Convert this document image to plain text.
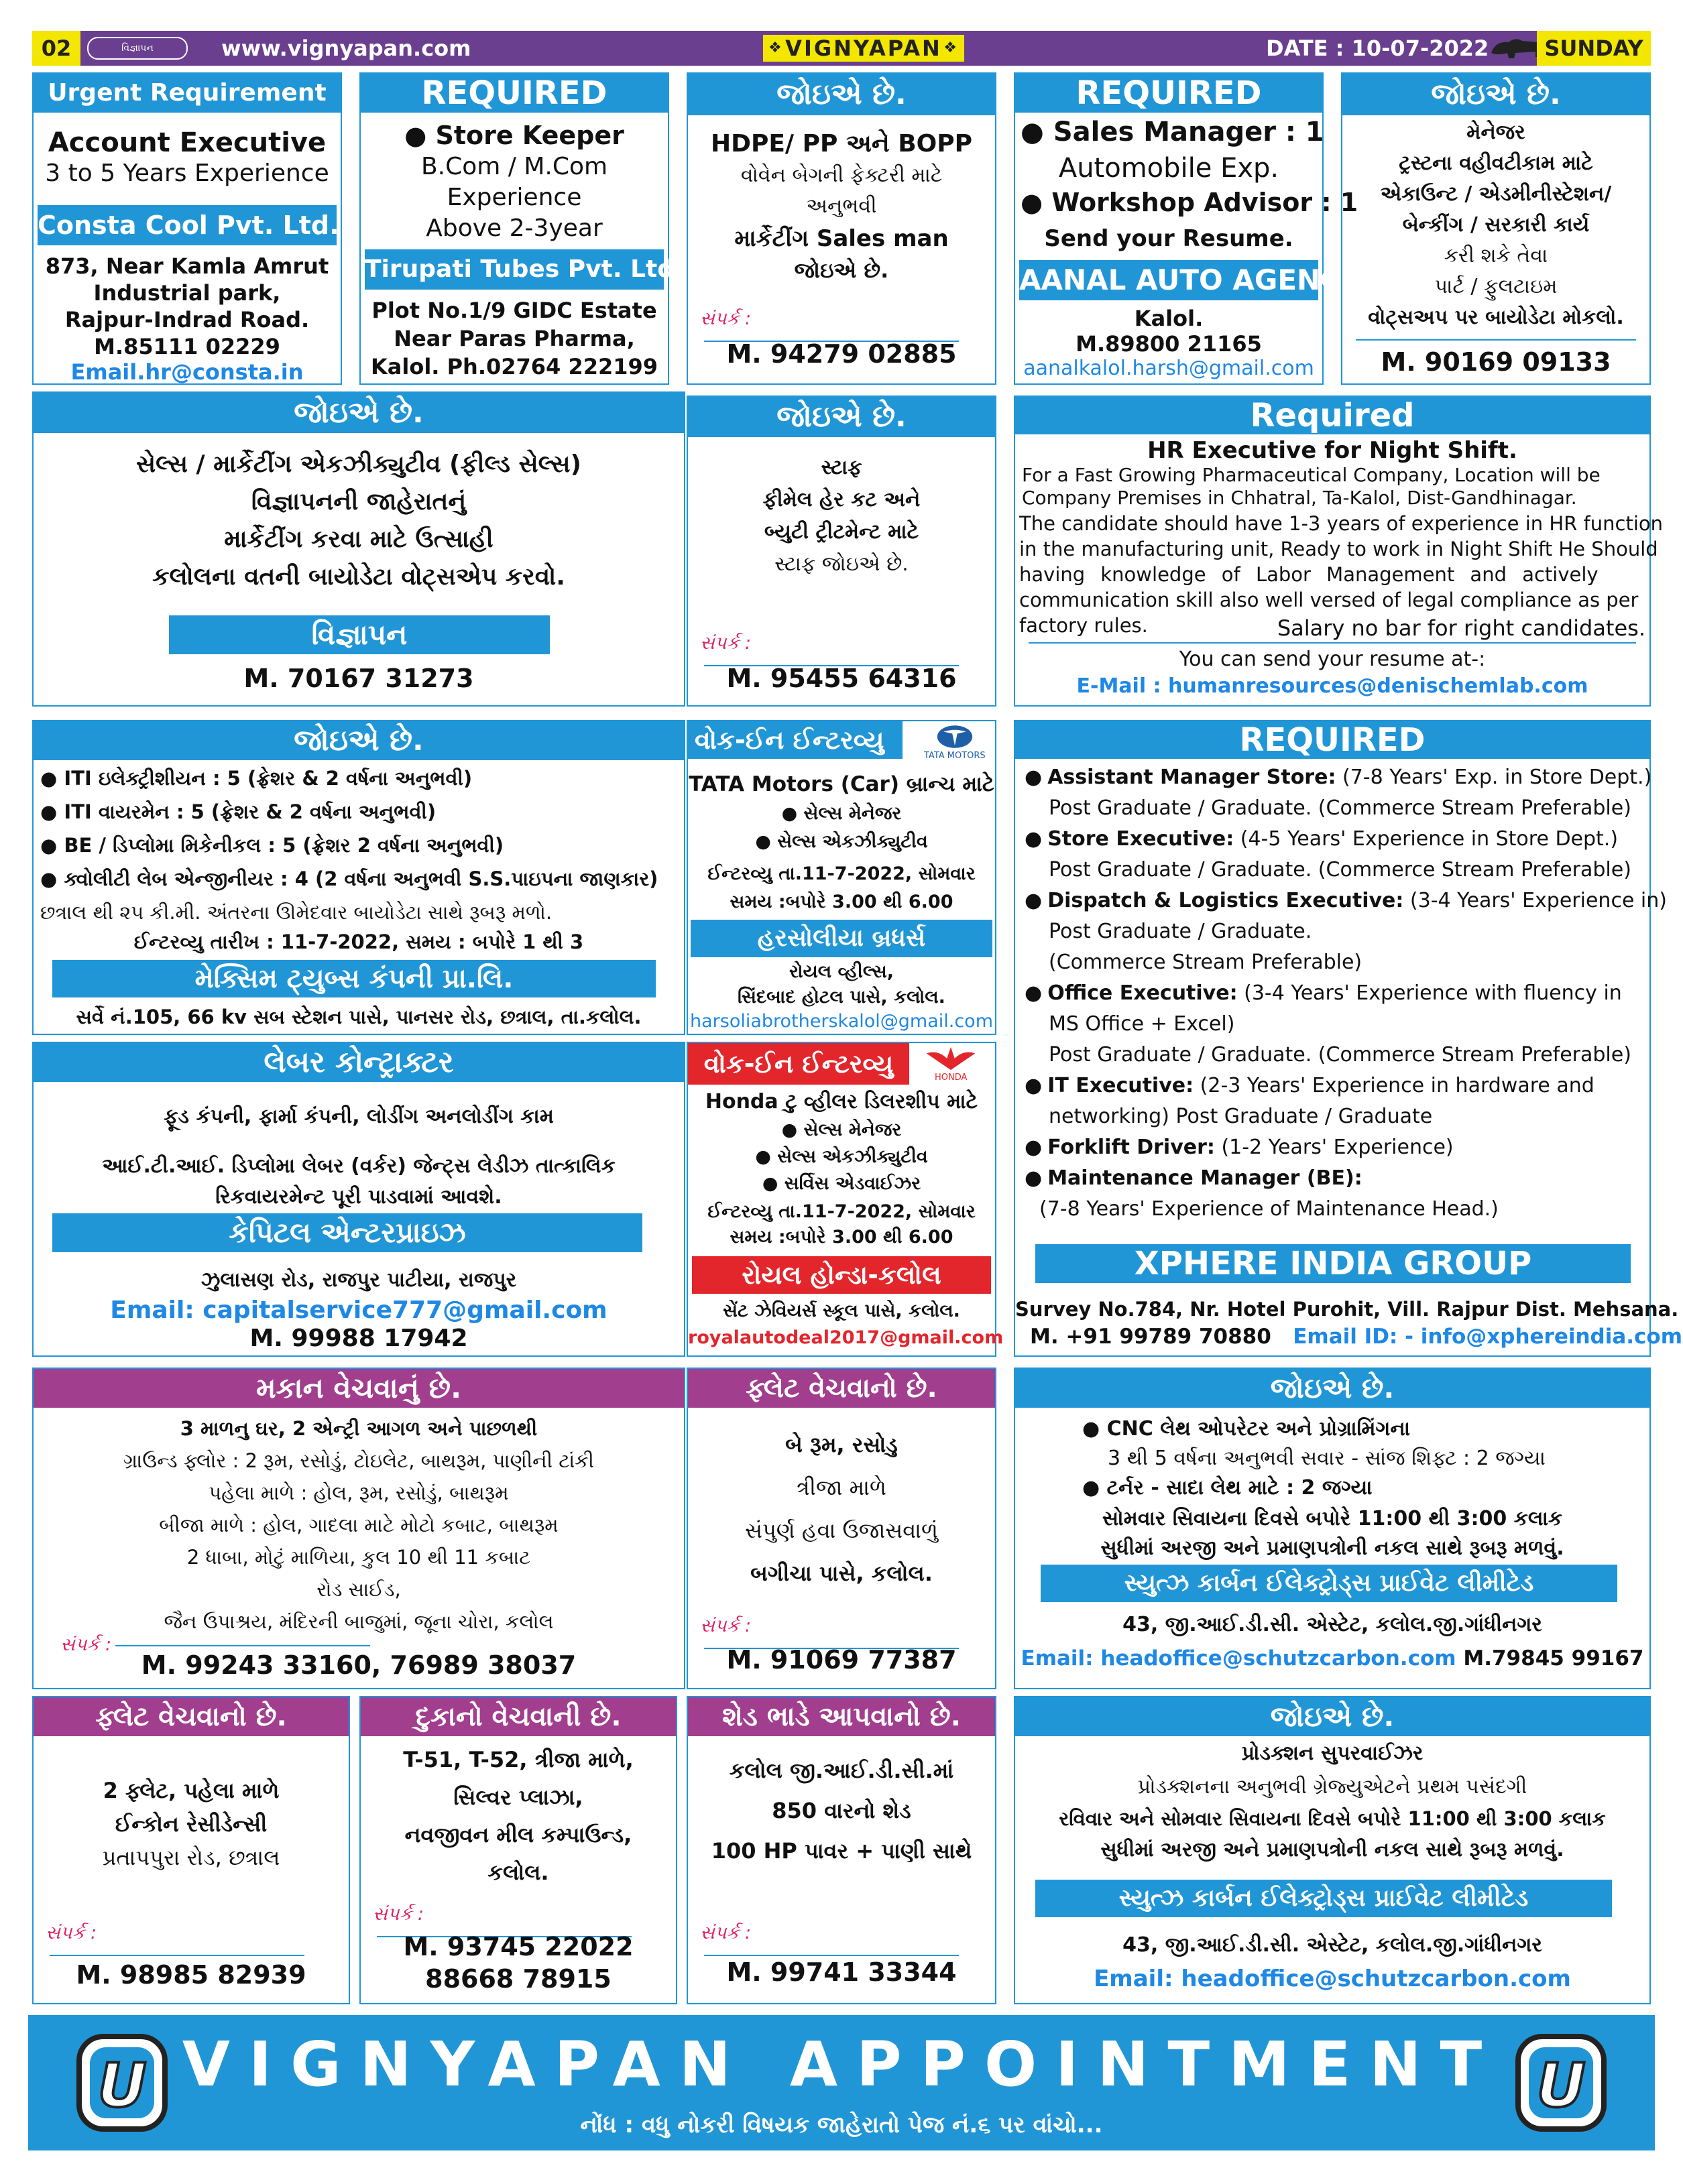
02	વિજ્ઞાપન	www.vignyapan.com
❖	VIGNYAPAN ❖	DATE : 10-07-2022	SUNDAY
Urgent Requirement
Account Executive
3 to 5 Years Experience
Consta Cool Pvt. Ltd.
873, Near Kamla Amrut
Industrial park,
Rajpur-Indrad Road.
M.85111 02229
Email.hr@consta.in
REQUIRED
● Store Keeper
B.Com / M.Com
Experience
Above 2-3year
Tirupati Tubes Pvt. Ltd.
Plot No.1/9 GIDC Estate
Near Paras Pharma,
Kalol. Ph.02764 222199
જોઇએ છે.
HDPE/ PP અને BOPP
વોવેન બેગની ફેક્ટરી માટે
અનુભવી
માર્કેટીંગ Sales man
જોઇએ છે.
સંપર્ક :
M. 94279 02885
REQUIRED
● Sales Manager : 1
Automobile Exp.
● Workshop Advisor : 1
Send your Resume.
AANAL AUTO AGENCY
Kalol.
M.89800 21165
aanalkalol.harsh@gmail.com
જોઇએ છે.
મેનેજર
ટ્રસ્ટના વહીવટીકામ માટે
એકાઉન્ટ / એડમીનીસ્ટેશન/
બેન્કીંગ / સરકારી કાર્ય
કરી શકે તેવા
પાર્ટ / ફુલટાઇમ
વોટ્સઅપ પર બાયોડેટા મોકલો.
M. 90169 09133
જોઇએ છે.
સેલ્સ / માર્કેટીંગ એકઝીક્યુટીવ (ફીલ્ડ સેલ્સ)
વિજ્ઞાપનની જાહેરાતનું
માર્કેટીંગ કરવા માટે ઉત્સાહી
કલોલના વતની બાયોડેટા વોટ્સએપ કરવો.
વિજ્ઞાપન
M. 70167 31273
જોઇએ છે.
સ્ટાફ
ફીમેલ હેર કટ અને
બ્યુટી ટ્રીટમેન્ટ માટે
સ્ટાફ જોઇએ છે.
સંપર્ક :
M. 95455 64316
Required
HR Executive for Night Shift.
For a Fast Growing Pharmaceutical Company, Location will be
Company Premises in Chhatral, Ta-Kalol, Dist-Gandhinagar.
The candidate should have 1-3 years of experience in HR function
in the manufacturing unit, Ready to work in Night Shift He Should
having knowledge of Labor Management and actively
communication skill also well versed of legal compliance as per
factory rules.	Salary no bar for right candidates.
You can send your resume at-:
E-Mail : humanresources@denischemlab.com
જોઇએ છે.
● ITI ઇલેક્ટ્રીશીયન : 5 (ફ્રેશર & 2 વર્ષના અનુભવી)
● ITI વાયરમેન : 5 (ફ્રેશર & 2 વર્ષના અનુભવી)
● BE / ડિપ્લોમા મિકેનીકલ : 5 (ફ્રેશર 2 વર્ષના અનુભવી)
● ક્વોલીટી લેબ એન્જીનીયર : 4 (2 વર્ષના અનુભવી S.S.પાઇપના જાણકાર)
છત્રાલ થી ૨૫ કી.મી. અંતરના ઊમેદવાર બાયોડેટા સાથે રૂબરૂ મળો.
ઈન્ટરવ્યુ તારીખ : 11-7-2022, સમય : બપોરે 1 થી 3
મેક્સિમ ટ્યુબ્સ કંપની પ્રા.લિ.
સર્વે નં.105, 66 kv સબ સ્ટેશન પાસે, પાનસર રોડ, છત્રાલ, તા.કલોલ.
વોક-ઈન ઈન્ટરવ્યુ
TATA MOTORS
TATA Motors (Car) બ્રાન્ચ માટે
● સેલ્સ મેનેજર
● સેલ્સ એકઝીક્યુટીવ
ઈન્ટરવ્યુ તા.11-7-2022, સોમવાર
સમય :બપોરે 3.00 થી 6.00
હરસોલીયા બ્રધર્સ
રોયલ વ્હીલ્સ,
સિંદબાદ હોટલ પાસે, કલોલ.
harsoliabrotherskalol@gmail.com
REQUIRED
● Assistant Manager Store: (7-8 Years' Exp. in Store Dept.)
Post Graduate / Graduate. (Commerce Stream Preferable)
● Store Executive: (4-5 Years' Experience in Store Dept.)
Post Graduate / Graduate. (Commerce Stream Preferable)
● Dispatch & Logistics Executive: (3-4 Years' Experience in)
Post Graduate / Graduate.
(Commerce Stream Preferable)
● Office Executive: (3-4 Years' Experience with fluency in
MS Office + Excel)
Post Graduate / Graduate. (Commerce Stream Preferable)
● IT Executive: (2-3 Years' Experience in hardware and
networking) Post Graduate / Graduate
● Forklift Driver: (1-2 Years' Experience)
● Maintenance Manager (BE):
(7-8 Years' Experience of Maintenance Head.)
XPHERE INDIA GROUP
Survey No.784, Nr. Hotel Purohit, Vill. Rajpur Dist. Mehsana.
M. +91 99789 70880 Email ID: - info@xphereindia.com
લેબર કોન્ટ્રાક્ટર
ફૂડ કંપની, ફાર્મા કંપની, લોડીંગ અનલોડીંગ કામ
આઈ.ટી.આઈ. ડિપ્લોમા લેબર (વર્કર) જેન્ટ્સ લેડીઝ તાત્કાલિક
રિકવાયરમેન્ટ પૂરી પાડવામાં આવશે.
કેપિટલ એન્ટરપ્રાઇઝ
ઝુલાસણ રોડ, રાજપુર પાટીયા, રાજપુર
Email: capitalservice777@gmail.com
M. 99988 17942
વોક-ઈન ઈન્ટરવ્યુ	HONDA
Honda ટુ વ્હીલર ડિલરશીપ માટે
● સેલ્સ મેનેજર
● સેલ્સ એકઝીક્યુટીવ
● સર્વિસ એડવાઈઝર
ઈન્ટરવ્યુ તા.11-7-2022, સોમવાર
સમય :બપોરે 3.00 થી 6.00
રોયલ હોન્ડા-કલોલ
સેંટ ઝેવિયર્સ સ્કૂલ પાસે, કલોલ.
royalautodeal2017@gmail.com
મકાન વેચવાનું છે.
3 માળનુ ઘર, 2 એન્ટ્રી આગળ અને પાછળથી
ગ્રાઉન્ડ ફ્લોર : 2 રૂમ, રસોડું, ટોઇલેટ, બાથરૂમ, પાણીની ટાંકી
પહેલા માળે : હોલ, રૂમ, રસોડું, બાથરૂમ
બીજા માળે : હોલ, ગાદલા માટે મોટો કબાટ, બાથરૂમ
2 ધાબા, મોટું માળિયા, કુલ 10 થી 11 કબાટ
રોડ સાઈડ,
જૈન ઉપાશ્રય, મંદિરની બાજુમાં, જૂના ચોરા, કલોલ
સંપર્ક :
M. 99243 33160, 76989 38037
ફ્લેટ વેચવાનો છે.
બે રૂમ, રસોડુ
ત્રીજા માળે
સંપુર્ણ હવા ઉજાસવાળું
બગીચા પાસે, કલોલ.
સંપર્ક :
M. 91069 77387
જોઇએ છે.
● CNC લેથ ઓપરેટર અને પ્રોગ્રામિંગના
3 થી 5 વર્ષના અનુભવી સવાર - સાંજ શિફ્ટ : 2 જગ્યા
● ટર્નર - સાદા લેથ માટે : 2 જગ્યા
સોમવાર સિવાયના દિવસે બપોરે 11:00 થી 3:00 કલાક
સુધીમાં અરજી અને પ્રમાણપત્રોની નકલ સાથે રૂબરૂ મળવું.
સ્યુત્ઝ કાર્બન ઈલેક્ટ્રોડ્સ પ્રાઈવેટ લીમીટેડ
43, જી.આઈ.ડી.સી. એસ્ટેટ, કલોલ.જી.ગાંધીનગર
Email: headoffice@schutzcarbon.com M.79845 99167
ફ્લેટ વેચવાનો છે.
2 ફ્લેટ, પહેલા માળે
ઈન્કોન રેસીડેન્સી
પ્રતાપપુરા રોડ, છત્રાલ
સંપર્ક :
M. 98985 82939
દુકાનો વેચવાની છે.
T-51, T-52, ત્રીજા માળે,
સિલ્વર પ્લાઝા,
નવજીવન મીલ કમ્પાઉન્ડ,
કલોલ.
સંપર્ક :
M. 93745 22022
88668 78915
શેડ ભાડે આપવાનો છે.
કલોલ જી.આઈ.ડી.સી.માં
850 વારનો શેડ
100 HP પાવર + પાણી સાથે
સંપર્ક :
M. 99741 33344
જોઇએ છે.
પ્રોડક્શન સુપરવાઈઝર
પ્રોડક્શનના અનુભવી ગ્રેજ્યુએટને પ્રથમ પસંદગી
રવિવાર અને સોમવાર સિવાયના દિવસે બપોરે 11:00 થી 3:00 કલાક
સુધીમાં અરજી અને પ્રમાણપત્રોની નકલ સાથે રૂબરૂ મળવું.
સ્યુત્ઝ કાર્બન ઈલેક્ટ્રોડ્સ પ્રાઈવેટ લીમીટેડ
43, જી.આઈ.ડી.સી. એસ્ટેટ, કલોલ.જી.ગાંધીનગર
Email: headoffice@schutzcarbon.com
U VIGNYAPAN APPOINTMENT
નોંધ : વધુ નોકરી વિષયક જાહેરાતો પેજ નં.૬ પર વાંચો...
U
